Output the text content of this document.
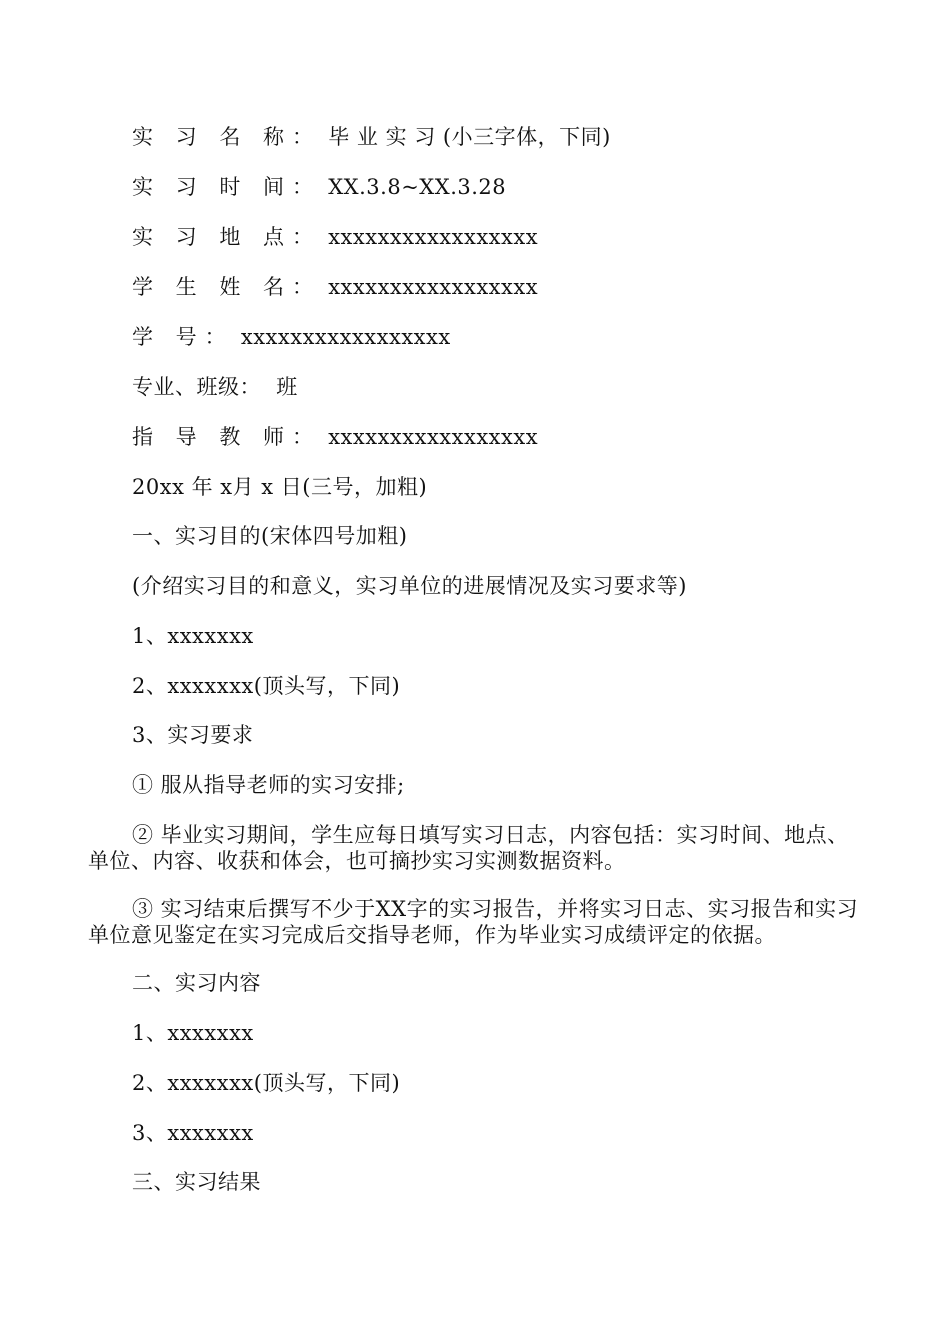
实 习 名 称： 毕 业 实 习 (小三字体，下同)
实 习 时 间： XX.3.8~XX.3.28
实 习 地 点： xxxxxxxxxxxxxxxxx
学 生 姓 名： xxxxxxxxxxxxxxxxx
学 号： xxxxxxxxxxxxxxxxx
专业、班级： 班
指 导 教 师： xxxxxxxxxxxxxxxxx
20xx 年 x月 x 日(三号，加粗)
一、实习目的(宋体四号加粗)
(介绍实习目的和意义，实习单位的进展情况及实习要求等)
1、xxxxxxx
2、xxxxxxx(顶头写，下同)
3、实习要求
① 服从指导老师的实习安排;
② 毕业实习期间，学生应每日填写实习日志，内容包括：实习时间、地点、单位、内容、收获和体会，也可摘抄实习实测数据资料。
③ 实习结束后撰写不少于XX字的实习报告，并将实习日志、实习报告和实习单位意见鉴定在实习完成后交指导老师，作为毕业实习成绩评定的依据。
二、实习内容
1、xxxxxxx
2、xxxxxxx(顶头写，下同)
3、xxxxxxx
三、实习结果
